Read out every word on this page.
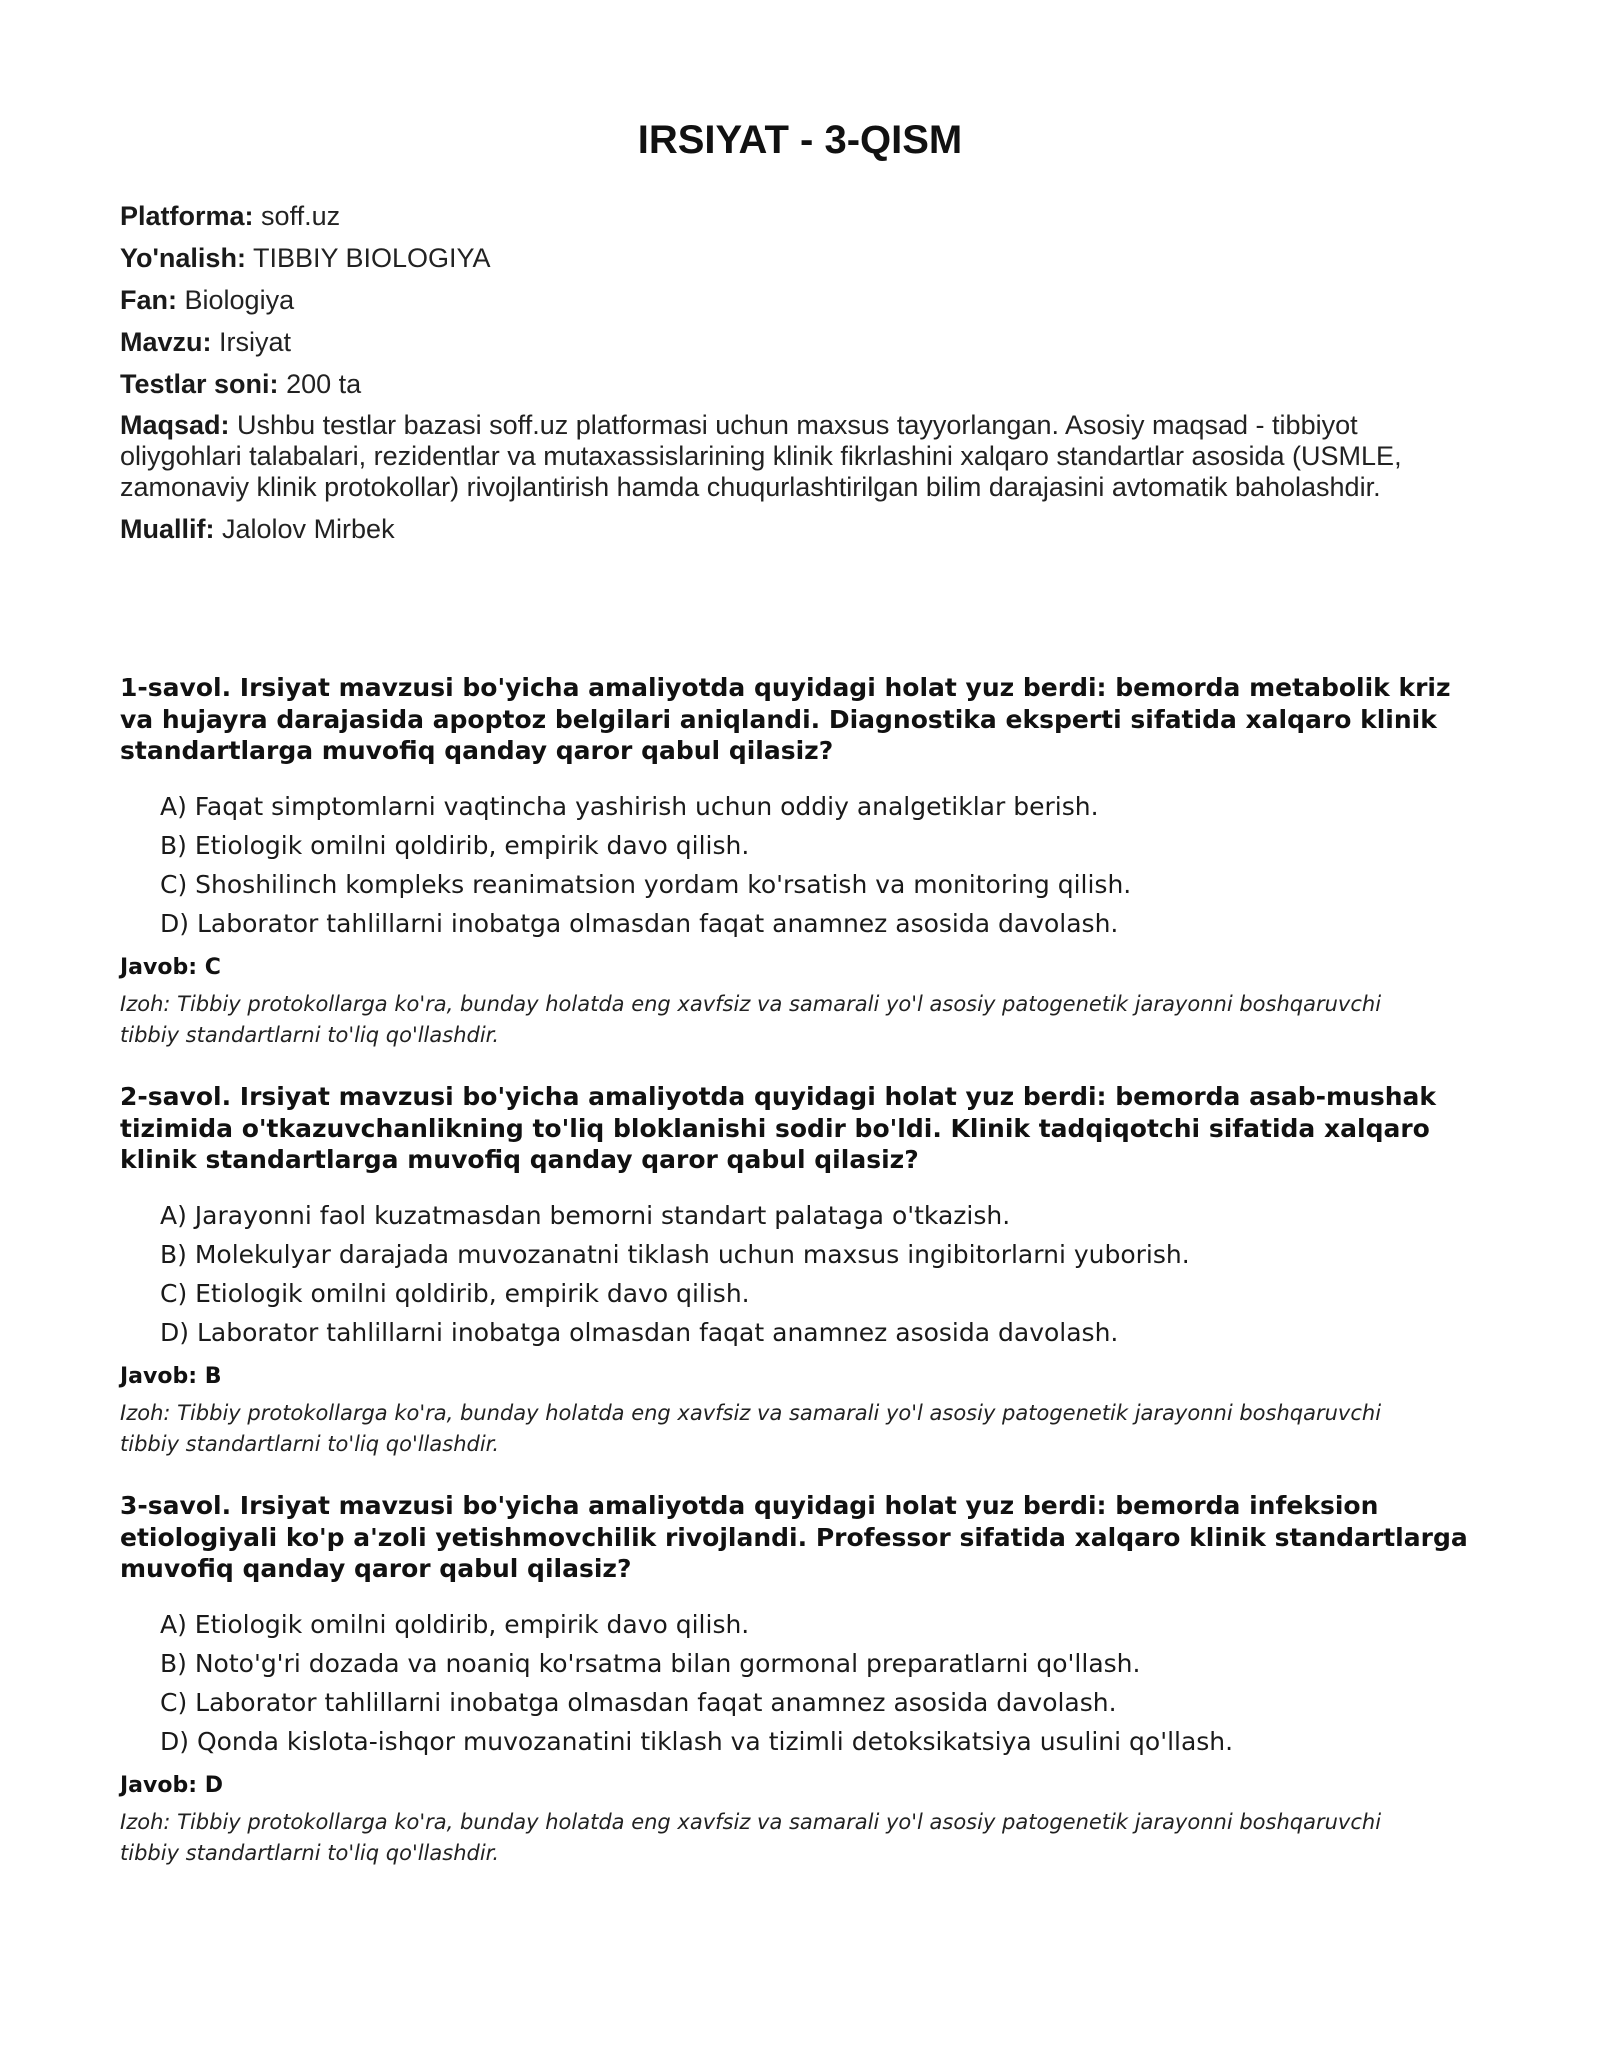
IRSIYAT - 3-QISM

Platforma: soff.uz

Yo'nalish: TIBBIY BIOLOGIYA

Fan: Biologiya

Mavzu: Irsiyat

Testlar soni: 200 ta

Maqsad: Ushbu testlar bazasi soff.uz platformasi uchun maxsus tayyorlangan. Asosiy maqsad - tibbiyot oliygohlari talabalari, rezidentlar va mutaxassislarining klinik fikrlashini xalqaro standartlar asosida (USMLE, zamonaviy klinik protokollar) rivojlantirish hamda chuqurlashtirilgan bilim darajasini avtomatik baholashdir.

Muallif: Jalolov Mirbek

1-savol. Irsiyat mavzusi bo'yicha amaliyotda quyidagi holat yuz berdi: bemorda metabolik kriz va hujayra darajasida apoptoz belgilari aniqlandi. Diagnostika eksperti sifatida xalqaro klinik standartlarga muvofiq qanday qaror qabul qilasiz?

A) Faqat simptomlarni vaqtincha yashirish uchun oddiy analgetiklar berish.
B) Etiologik omilni qoldirib, empirik davo qilish.
C) Shoshilinch kompleks reanimatsion yordam ko'rsatish va monitoring qilish.
D) Laborator tahlillarni inobatga olmasdan faqat anamnez asosida davolash.

Javob: C

Izoh: Tibbiy protokollarga ko'ra, bunday holatda eng xavfsiz va samarali yo'l asosiy patogenetik jarayonni boshqaruvchi tibbiy standartlarni to'liq qo'llashdir.

2-savol. Irsiyat mavzusi bo'yicha amaliyotda quyidagi holat yuz berdi: bemorda asab-mushak tizimida o'tkazuvchanlikning to'liq bloklanishi sodir bo'ldi. Klinik tadqiqotchi sifatida xalqaro klinik standartlarga muvofiq qanday qaror qabul qilasiz?

A) Jarayonni faol kuzatmasdan bemorni standart palataga o'tkazish.
B) Molekulyar darajada muvozanatni tiklash uchun maxsus ingibitorlarni yuborish.
C) Etiologik omilni qoldirib, empirik davo qilish.
D) Laborator tahlillarni inobatga olmasdan faqat anamnez asosida davolash.

Javob: B

Izoh: Tibbiy protokollarga ko'ra, bunday holatda eng xavfsiz va samarali yo'l asosiy patogenetik jarayonni boshqaruvchi tibbiy standartlarni to'liq qo'llashdir.

3-savol. Irsiyat mavzusi bo'yicha amaliyotda quyidagi holat yuz berdi: bemorda infeksion etiologiyali ko'p a'zoli yetishmovchilik rivojlandi. Professor sifatida xalqaro klinik standartlarga muvofiq qanday qaror qabul qilasiz?

A) Etiologik omilni qoldirib, empirik davo qilish.
B) Noto'g'ri dozada va noaniq ko'rsatma bilan gormonal preparatlarni qo'llash.
C) Laborator tahlillarni inobatga olmasdan faqat anamnez asosida davolash.
D) Qonda kislota-ishqor muvozanatini tiklash va tizimli detoksikatsiya usulini qo'llash.

Javob: D

Izoh: Tibbiy protokollarga ko'ra, bunday holatda eng xavfsiz va samarali yo'l asosiy patogenetik jarayonni boshqaruvchi tibbiy standartlarni to'liq qo'llashdir.
